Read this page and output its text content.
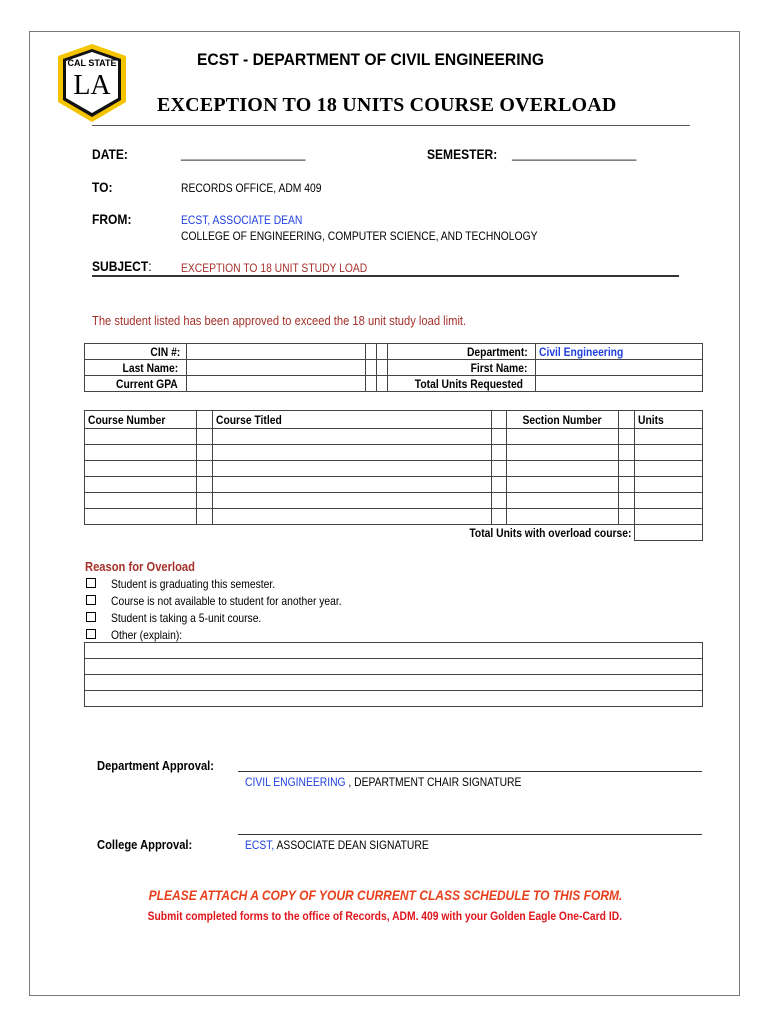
CAL STATE
LA
ECST - DEPARTMENT OF CIVIL ENGINEERING
EXCEPTION TO 18 UNITS COURSE OVERLOAD
DATE:	____________________	SEMESTER:	____________________
TO:	RECORDS OFFICE, ADM 409
FROM:	ECST, ASSOCIATE DEAN
COLLEGE OF ENGINEERING, COMPUTER SCIENCE, AND TECHNOLOGY
SUBJECT:	EXCEPTION TO 18 UNIT STUDY LOAD
The student listed has been approved to exceed the 18 unit study load limit.
CIN #:				Department:	Civil Engineering
Last Name:				First Name:	
Current GPA				Total Units Requested	
Course Number		Course Titled		Section Number		Units

Total Units with overload course:						
Reason for Overload
Student is graduating this semester.
Course is not available to student for another year.
Student is taking a 5-unit course.
Other (explain):

Department Approval:
CIVIL ENGINEERING , DEPARTMENT CHAIR SIGNATURE
College Approval:	ECST, ASSOCIATE DEAN SIGNATURE
PLEASE ATTACH A COPY OF YOUR CURRENT CLASS SCHEDULE TO THIS FORM.
Submit completed forms to the office of Records, ADM. 409 with your Golden Eagle One-Card ID.
